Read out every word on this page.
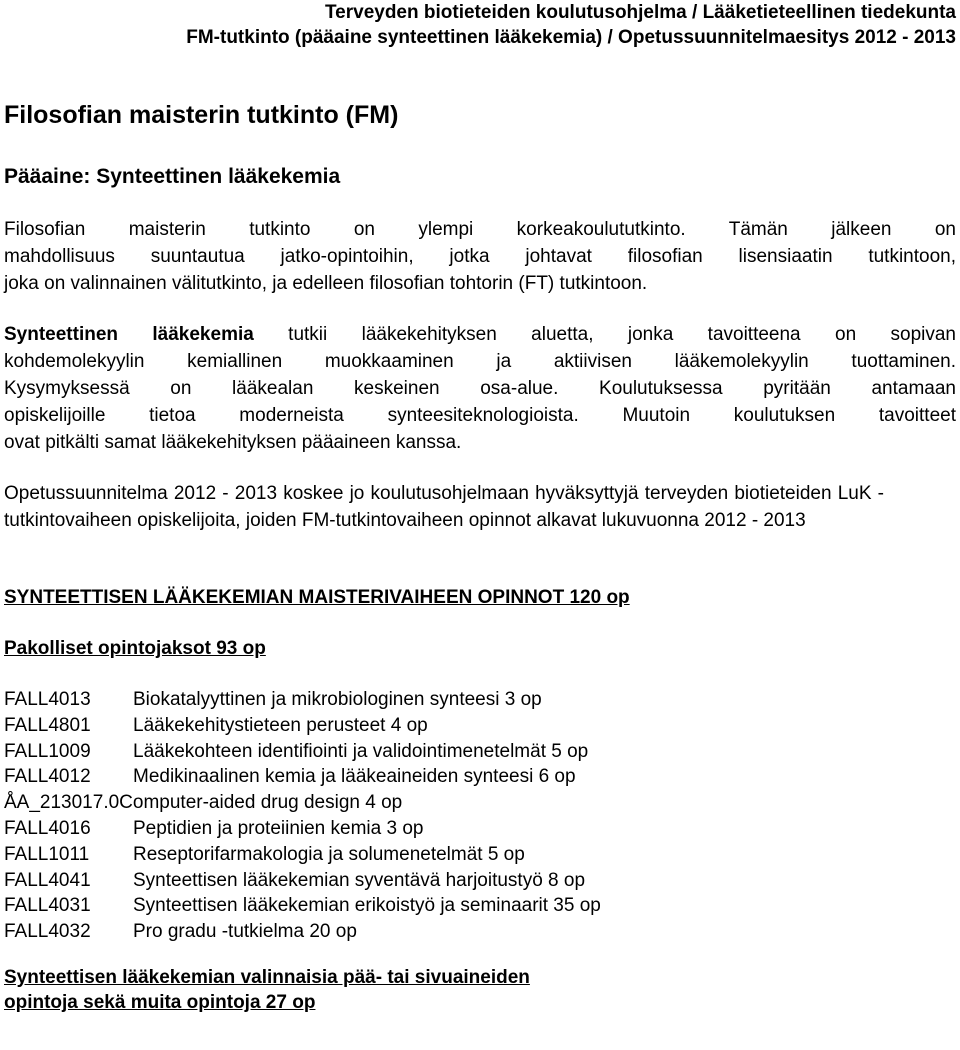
Terveyden biotieteiden koulutusohjelma / Lääketieteellinen tiedekunta
FM-tutkinto (pääaine synteettinen lääkekemia) / Opetussuunnitelmaesitys 2012 - 2013
Filosofian maisterin tutkinto (FM)
Pääaine: Synteettinen lääkekemia

Filosofian maisterin tutkinto on ylempi korkeakoulututkinto. Tämän jälkeen on
mahdollisuus suuntautua jatko-opintoihin, jotka johtavat filosofian lisensiaatin tutkintoon,
joka on valinnainen välitutkinto, ja edelleen filosofian tohtorin (FT) tutkintoon.

Synteettinen lääkekemia tutkii lääkekehityksen aluetta, jonka tavoitteena on sopivan
kohdemolekyylin kemiallinen muokkaaminen ja aktiivisen lääkemolekyylin tuottaminen.
Kysymyksessä on lääkealan keskeinen osa-alue. Koulutuksessa pyritään antamaan
opiskelijoille tietoa moderneista synteesiteknologioista. Muutoin koulutuksen tavoitteet
ovat pitkälti samat lääkekehityksen pääaineen kanssa.

Opetussuunnitelma 2012 - 2013 koskee jo koulutusohjelmaan hyväksyttyjä terveyden biotieteiden LuK -tutkintovaiheen opiskelijoita, joiden FM-tutkintovaiheen opinnot alkavat lukuvuonna 2012 - 2013

SYNTEETTISEN LÄÄKEKEMIAN MAISTERIVAIHEEN OPINNOT 120 op
Pakolliset opintojaksot 93 op
FALL4013	Biokatalyyttinen ja mikrobiologinen synteesi 3 op
FALL4801	Lääkekehitystieteen perusteet 4 op
FALL1009	Lääkekohteen identifiointi ja validointimenetelmät 5 op
FALL4012	Medikinaalinen kemia ja lääkeaineiden synteesi 6 op
ÅA_213017.0 Computer-aided drug design 4 op
FALL4016	Peptidien ja proteiinien kemia 3 op
FALL1011	Reseptorifarmakologia ja solumenetelmät 5 op
FALL4041	Synteettisen lääkekemian syventävä harjoitustyö 8 op
FALL4031	Synteettisen lääkekemian erikoistyö ja seminaarit 35 op
FALL4032	Pro gradu -tutkielma 20 op
Synteettisen lääkekemian valinnaisia pää- tai sivuaineiden
opintoja sekä muita opintoja 27 op
